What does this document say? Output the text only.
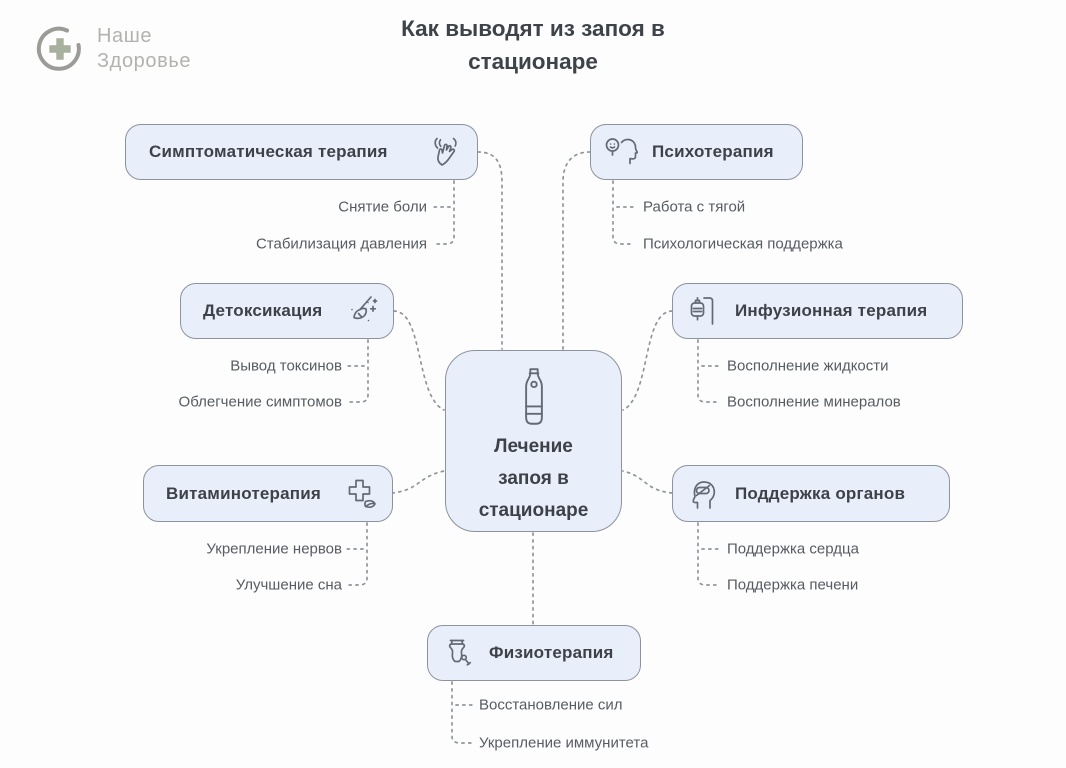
Наше
Здоровье
Как выводят из запоя в
стационаре
Лечение
запоя в
стационаре
Симптоматическая терапия	Психотерапия
Детоксикация	Инфузионная терапия
Витаминотерапия	Поддержка органов
Физиотерапия
Снятие боли
Стабилизация давления
Работа с тягой
Психологическая поддержка
Вывод токсинов
Облегчение симптомов
Восполнение жидкости
Восполнение минералов
Укрепление нервов
Улучшение сна
Поддержка сердца
Поддержка печени
Восстановление сил
Укрепление иммунитета
